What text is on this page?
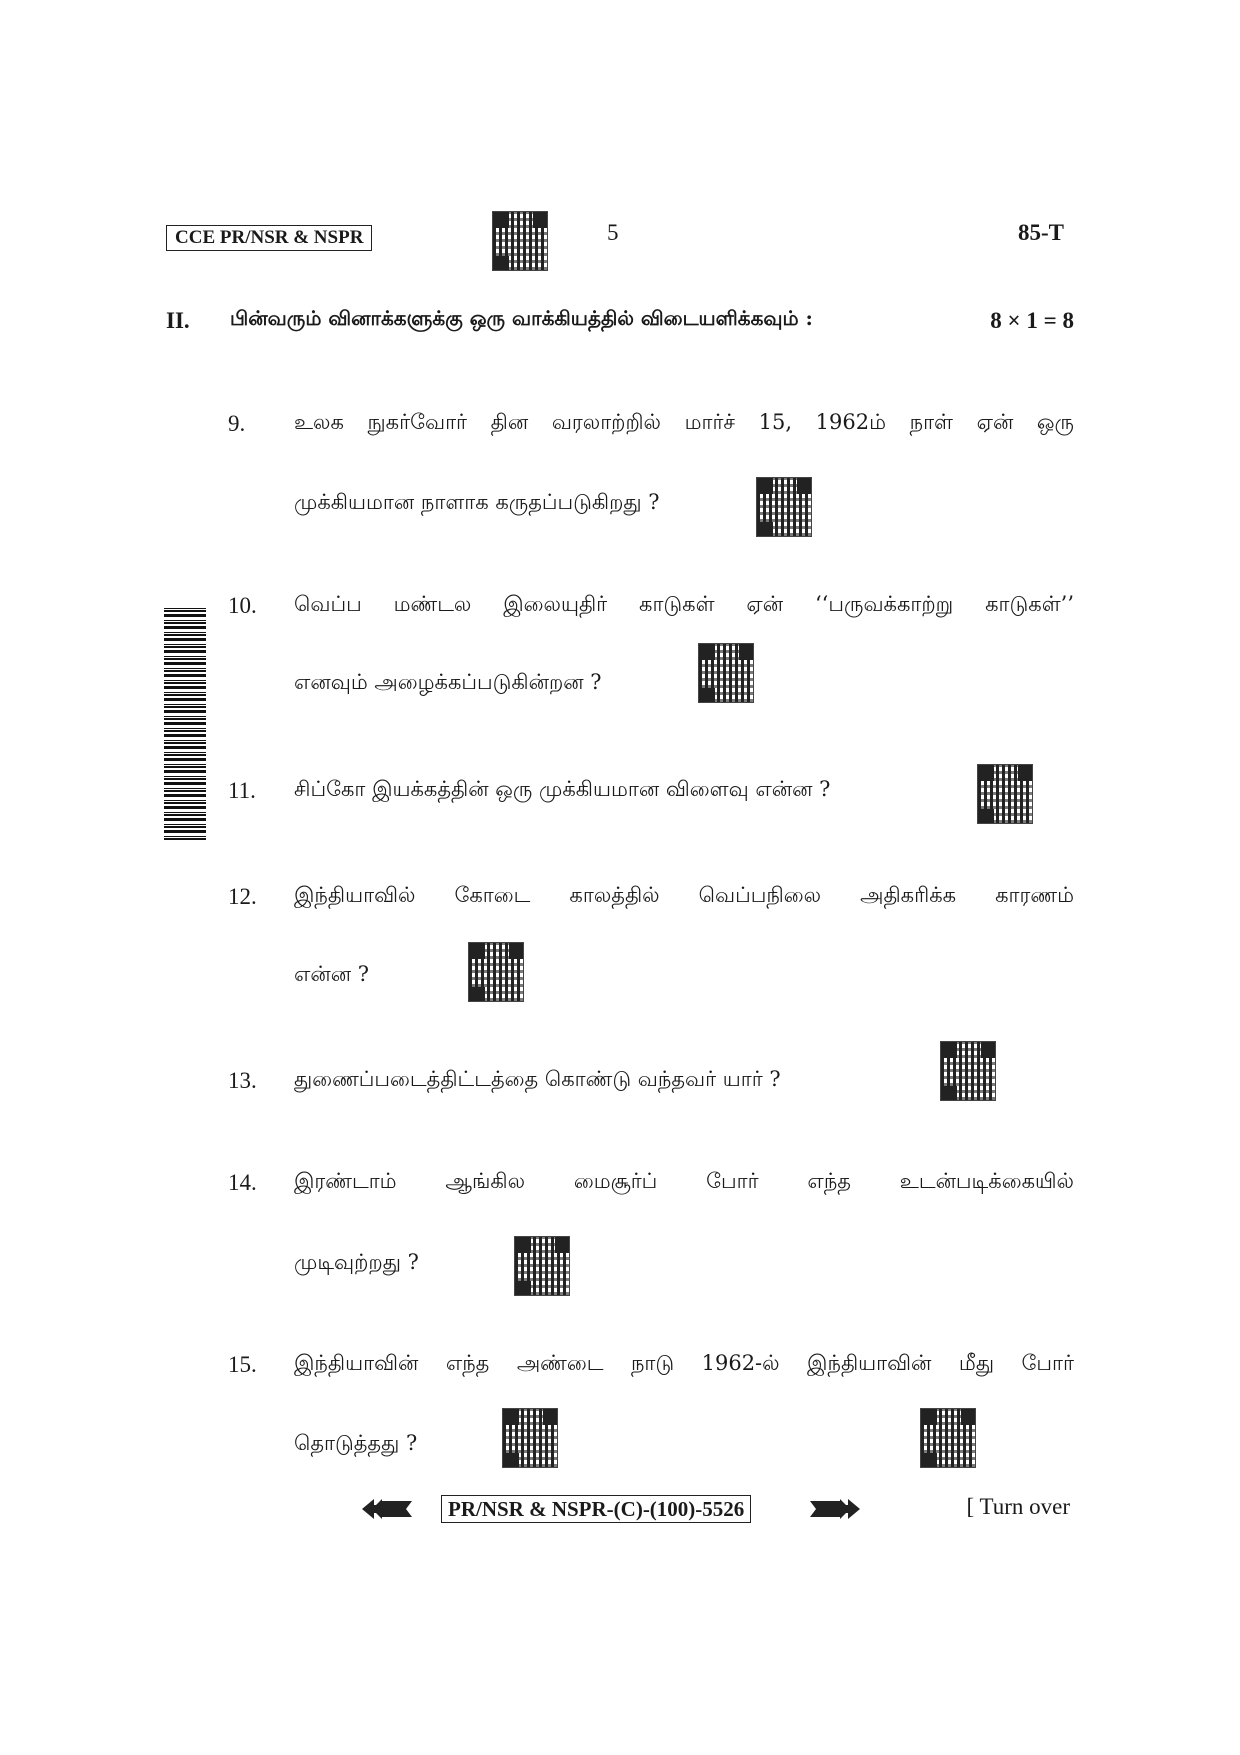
CCE PR/NSR & NSPR	5	85-T
II. பின்வரும் வினாக்களுக்கு ஒரு வாக்கியத்தில் விடையளிக்கவும் :	8 × 1 = 8
9. உலக நுகர்வோர் தின வரலாற்றில் மார்ச் 15, 1962ம் நாள் ஏன் ஒரு
முக்கியமான நாளாக கருதப்படுகிறது ?
10. வெப்ப மண்டல இலையுதிர் காடுகள் ஏன் ‘‘பருவக்காற்று காடுகள்’’
எனவும் அழைக்கப்படுகின்றன ?
11. சிப்கோ இயக்கத்தின் ஒரு முக்கியமான விளைவு என்ன ?
12. இந்தியாவில் கோடை காலத்தில் வெப்பநிலை அதிகரிக்க காரணம்
என்ன ?
13. துணைப்படைத்திட்டத்தை கொண்டு வந்தவர் யார் ?
14. இரண்டாம் ஆங்கில மைசூர்ப் போர் எந்த உடன்படிக்கையில்
முடிவுற்றது ?
15. இந்தியாவின் எந்த அண்டை நாடு 1962-ல் இந்தியாவின் மீது போர்
தொடுத்தது ?
PR/NSR & NSPR-(C)-(100)-5526	[ Turn over
